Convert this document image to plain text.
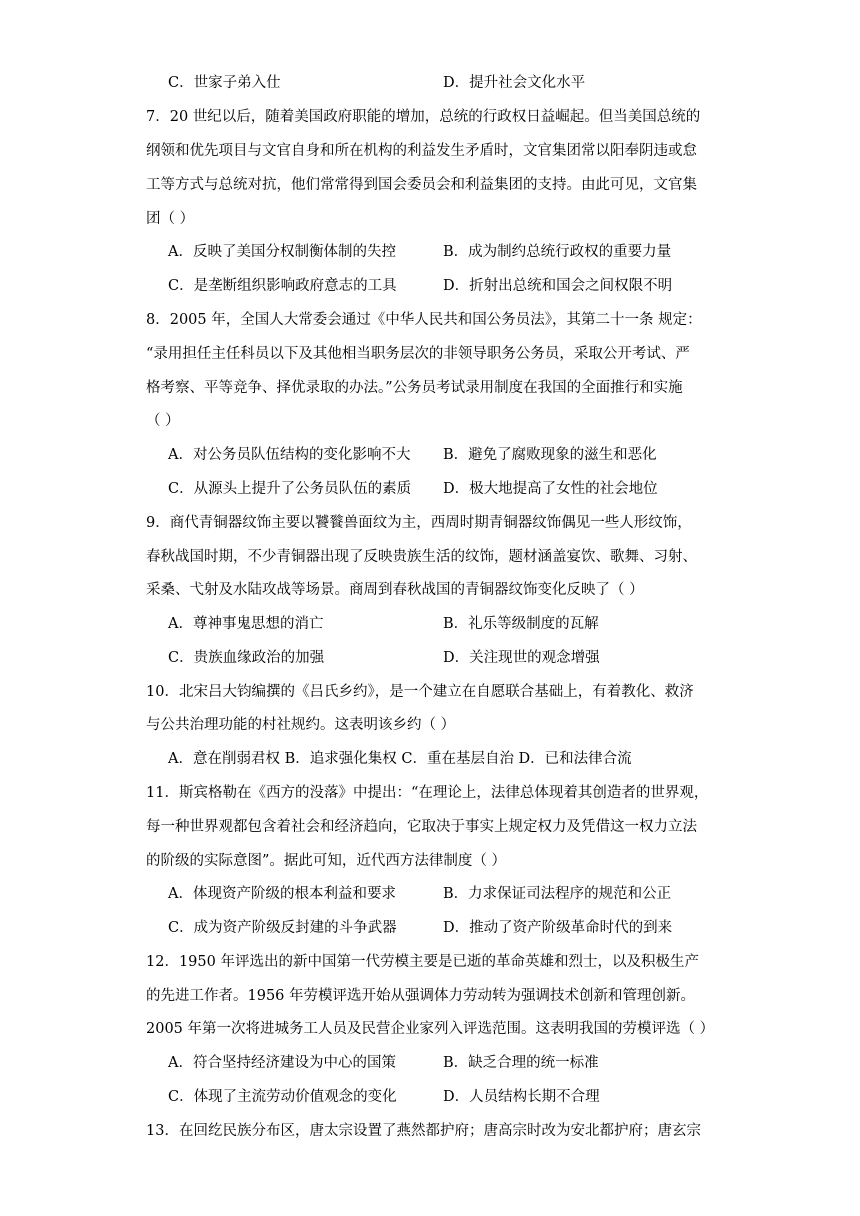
C．世家子弟入仕	D．提升社会文化水平
7．20 世纪以后，随着美国政府职能的增加，总统的行政权日益崛起。但当美国总统的
纲领和优先项目与文官自身和所在机构的利益发生矛盾时，文官集团常以阳奉阴违或怠
工等方式与总统对抗，他们常常得到国会委员会和利益集团的支持。由此可见，文官集
团（ ）
A．反映了美国分权制衡体制的失控	B．成为制约总统行政权的重要力量
C．是垄断组织影响政府意志的工具	D．折射出总统和国会之间权限不明
8．2005 年，全国人大常委会通过《中华人民共和国公务员法》，其第二十一条 规定：
“录用担任主任科员以下及其他相当职务层次的非领导职务公务员，采取公开考试、严
格考察、平等竞争、择优录取的办法。”公务员考试录用制度在我国的全面推行和实施
（ ）
A．对公务员队伍结构的变化影响不大 B．避免了腐败现象的滋生和恶化
C．从源头上提升了公务员队伍的素质 D．极大地提高了女性的社会地位
9．商代青铜器纹饰主要以饕餮兽面纹为主，西周时期青铜器纹饰偶见一些人形纹饰，
春秋战国时期，不少青铜器出现了反映贵族生活的纹饰，题材涵盖宴饮、歌舞、习射、
采桑、弋射及水陆攻战等场景。商周到春秋战国的青铜器纹饰变化反映了（ ）
A．尊神事鬼思想的消亡	B．礼乐等级制度的瓦解
C．贵族血缘政治的加强	D．关注现世的观念增强
10．北宋吕大钧编撰的《吕氏乡约》，是一个建立在自愿联合基础上，有着教化、救济
与公共治理功能的村社规约。这表明该乡约（ ）
A．意在削弱君权 B．追求强化集权 C．重在基层自治 D．已和法律合流
11．斯宾格勒在《西方的没落》中提出：“在理论上，法律总体现着其创造者的世界观，
每一种世界观都包含着社会和经济趋向，它取决于事实上规定权力及凭借这一权力立法
的阶级的实际意图”。据此可知，近代西方法律制度（ ）
A．体现资产阶级的根本利益和要求	B．力求保证司法程序的规范和公正
C．成为资产阶级反封建的斗争武器	D．推动了资产阶级革命时代的到来
12．1950 年评选出的新中国第一代劳模主要是已逝的革命英雄和烈士，以及积极生产
的先进工作者。1956 年劳模评选开始从强调体力劳动转为强调技术创新和管理创新。
2005 年第一次将进城务工人员及民营企业家列入评选范围。这表明我国的劳模评选（ ）
A．符合坚持经济建设为中心的国策	B．缺乏合理的统一标准
C．体现了主流劳动价值观念的变化	D．人员结构长期不合理
13．在回纥民族分布区，唐太宗设置了燕然都护府；唐高宗时改为安北都护府；唐玄宗
